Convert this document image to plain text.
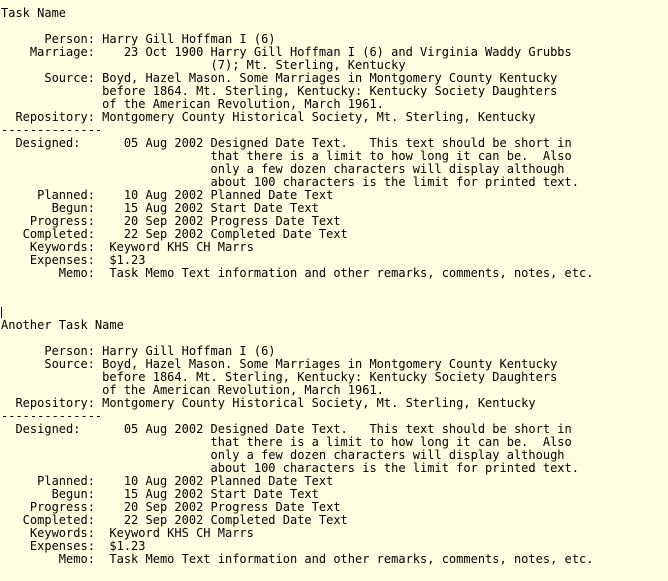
Task Name
Person: Harry Gill Hoffman I (6)
Marriage:    23 Oct 1900 Harry Gill Hoffman I (6) and Virginia Waddy Grubbs
(7); Mt. Sterling, Kentucky
Source: Boyd, Hazel Mason. Some Marriages in Montgomery County Kentucky
before 1864. Mt. Sterling, Kentucky: Kentucky Society Daughters
of the American Revolution, March 1961.
Repository: Montgomery County Historical Society, Mt. Sterling, Kentucky
--------------
Designed:      05 Aug 2002 Designed Date Text.   This text should be short in
that there is a limit to how long it can be.  Also
only a few dozen characters will display although
about 100 characters is the limit for printed text.
Planned:    10 Aug 2002 Planned Date Text
Begun:    15 Aug 2002 Start Date Text
Progress:    20 Sep 2002 Progress Date Text
Completed:    22 Sep 2002 Completed Date Text
Keywords:  Keyword KHS CH Marrs
Expenses:  $1.23
Memo:  Task Memo Text information and other remarks, comments, notes, etc.
Another Task Name
Person: Harry Gill Hoffman I (6)
Source: Boyd, Hazel Mason. Some Marriages in Montgomery County Kentucky
before 1864. Mt. Sterling, Kentucky: Kentucky Society Daughters
of the American Revolution, March 1961.
Repository: Montgomery County Historical Society, Mt. Sterling, Kentucky
--------------
Designed:      05 Aug 2002 Designed Date Text.   This text should be short in
that there is a limit to how long it can be.  Also
only a few dozen characters will display although
about 100 characters is the limit for printed text.
Planned:    10 Aug 2002 Planned Date Text
Begun:    15 Aug 2002 Start Date Text
Progress:    20 Sep 2002 Progress Date Text
Completed:    22 Sep 2002 Completed Date Text
Keywords:  Keyword KHS CH Marrs
Expenses:  $1.23
Memo:  Task Memo Text information and other remarks, comments, notes, etc.
